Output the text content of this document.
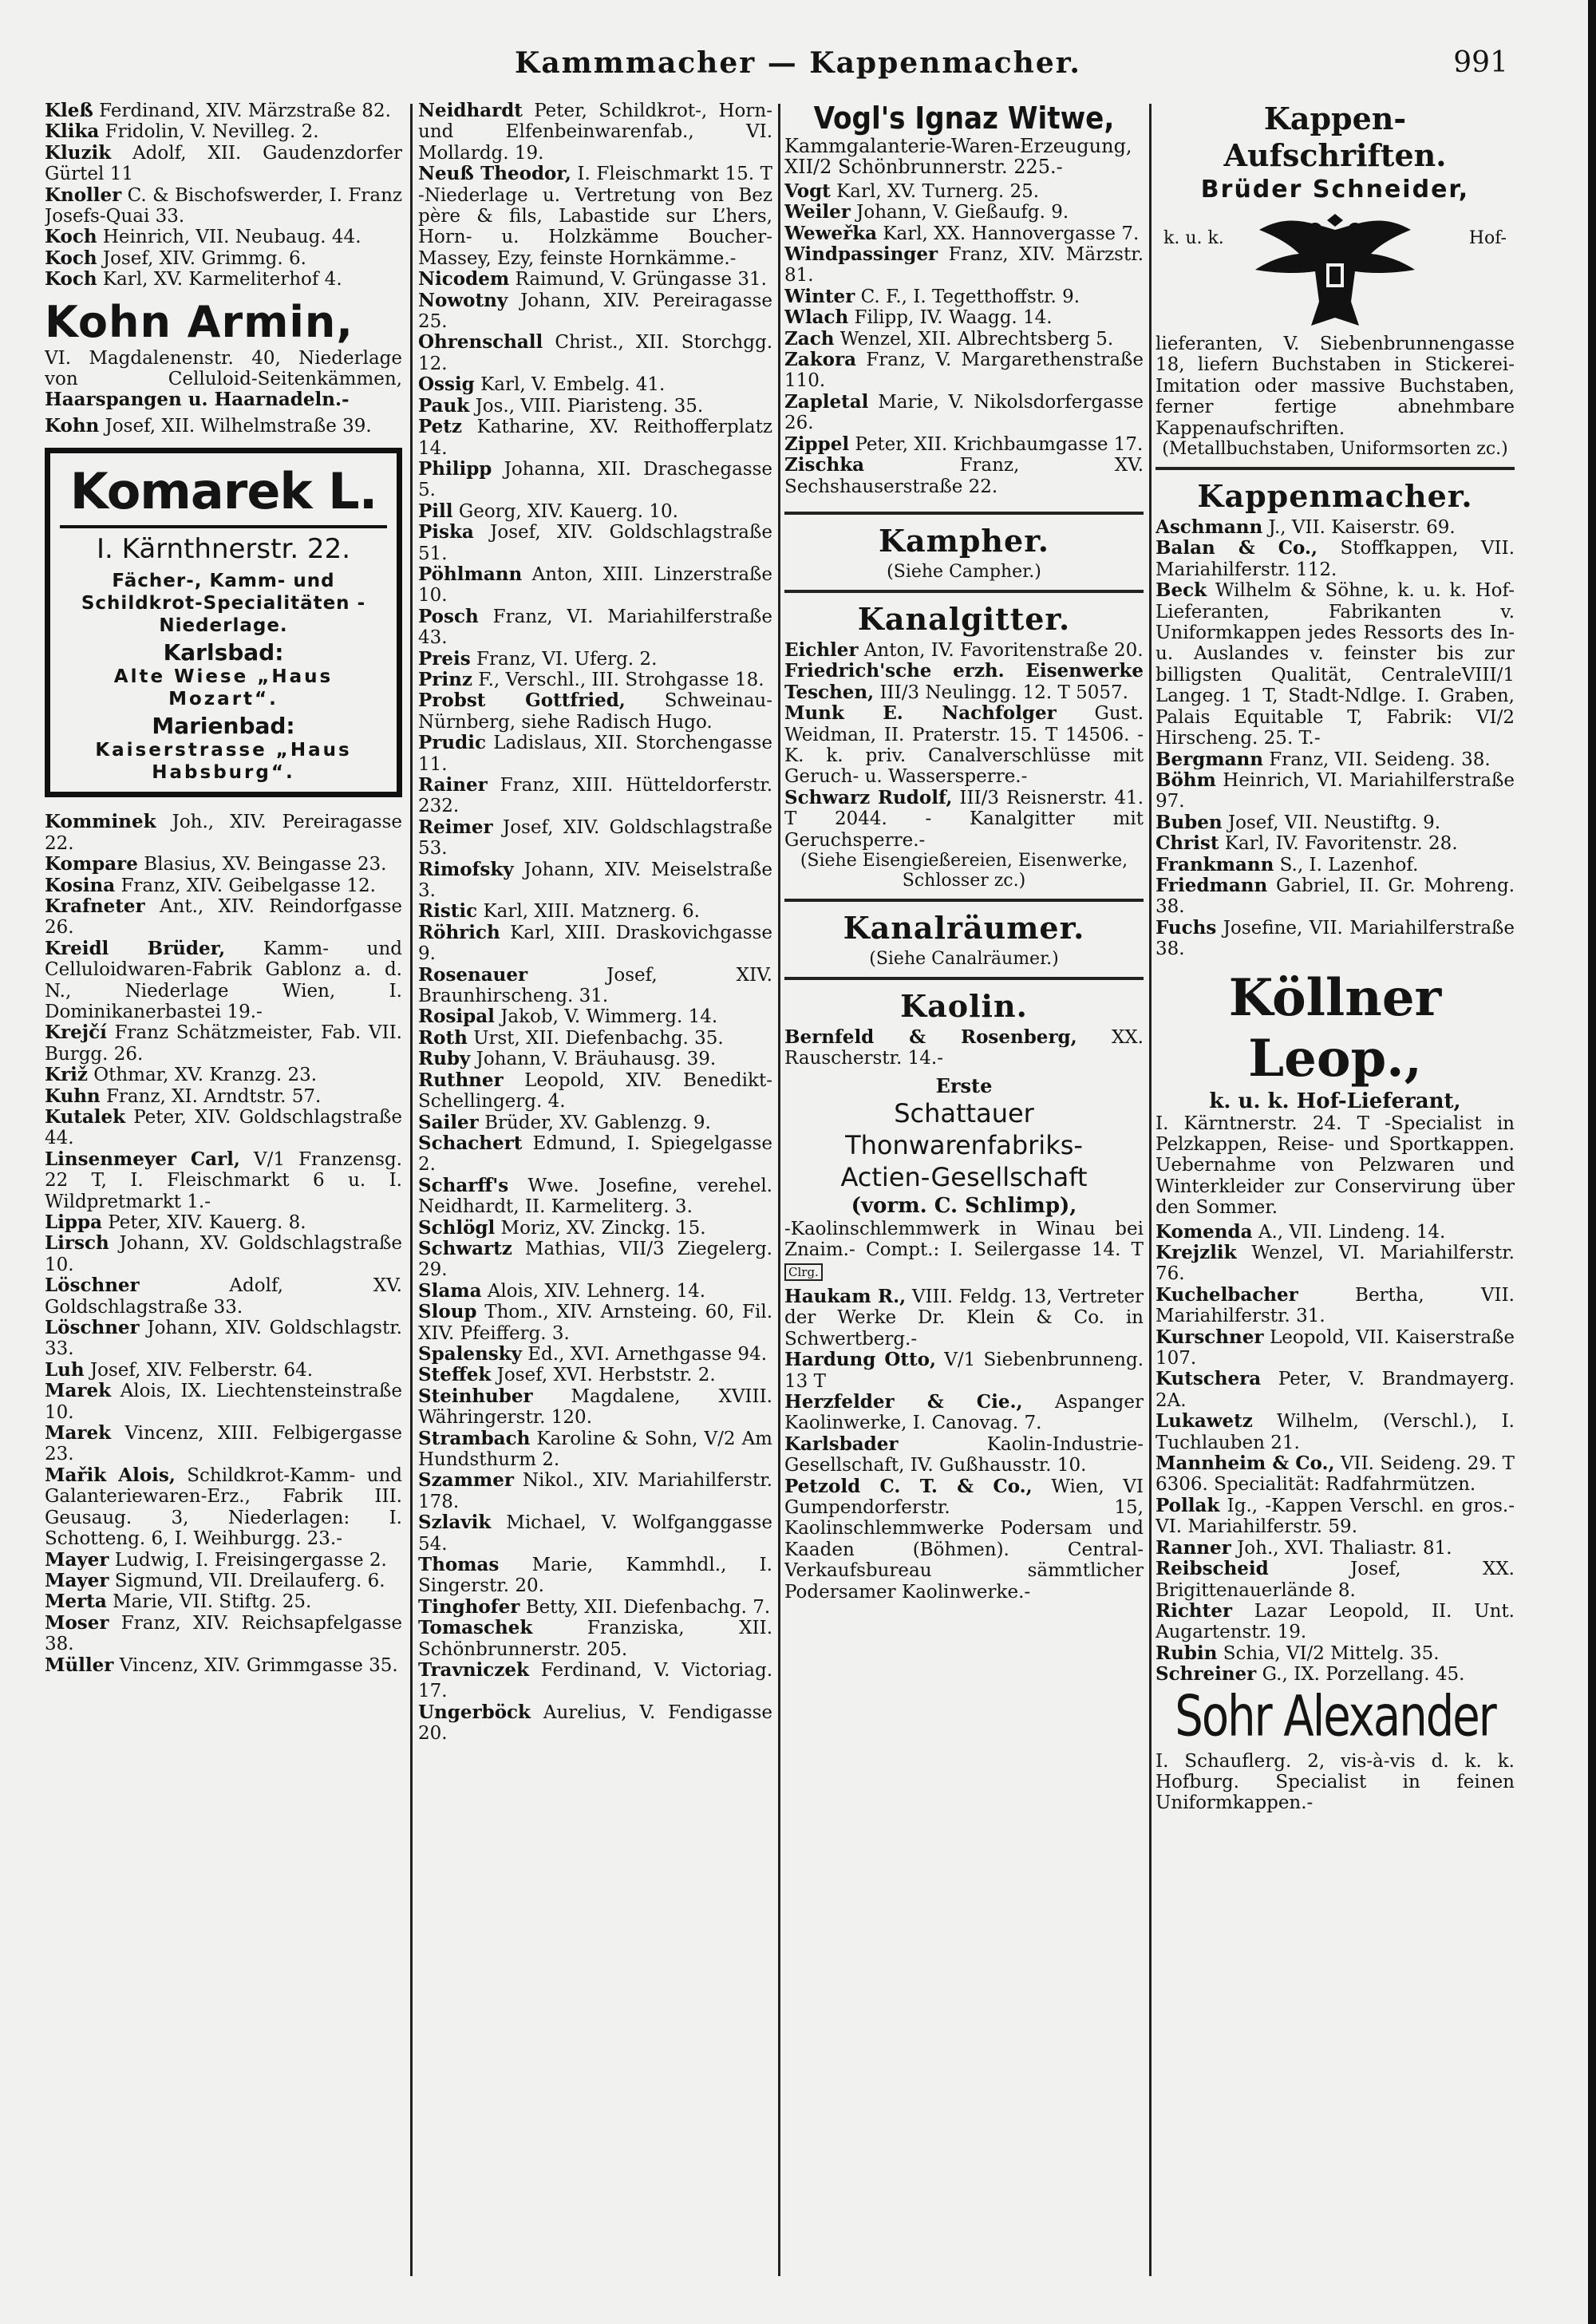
Kammmacher — Kappenmacher.	991

Kleß Ferdinand, XIV. Märzstraße 82.

Klika Fridolin, V. Nevilleg. 2.

Kluzik Adolf, XII. Gaudenzdorfer Gürtel 11

Knoller C. & Bischofswerder, I. Franz Josefs-Quai 33.

Koch Heinrich, VII. Neubaug. 44.

Koch Josef, XIV. Grimmg. 6.

Koch Karl, XV. Karmeliterhof 4.

Kohn Armin,

VI. Magdalenenstr. 40, Niederlage von Celluloid-Seitenkämmen, Haarspangen u. Haarnadeln.-

Kohn Josef, XII. Wilhelmstraße 39.

Komarek L.
I. Kärnthnerstr. 22.
Fächer-, Kamm- und
Schildkrot-Specialitäten - Niederlage.
Karlsbad:
Alte Wiese „Haus Mozart“.
Marienbad:
Kaiserstrasse „Haus Habsburg“.

Komminek Joh., XIV. Pereiragasse 22.

Kompare Blasius, XV. Beingasse 23.

Kosina Franz, XIV. Geibelgasse 12.

Krafneter Ant., XIV. Reindorfgasse 26.

Kreidl Brüder, Kamm- und Celluloidwaren-Fabrik Gablonz a. d. N., Niederlage Wien, I. Dominikanerbastei 19.-

Krejčí Franz Schätzmeister, Fab. VII. Burgg. 26.

Križ Othmar, XV. Kranzg. 23.

Kuhn Franz, XI. Arndtstr. 57.

Kutalek Peter, XIV. Goldschlagstraße 44.

Linsenmeyer Carl, V/1 Franzensg. 22 T, I. Fleischmarkt 6 u. I. Wildpretmarkt 1.-

Lippa Peter, XIV. Kauerg. 8.

Lirsch Johann, XV. Goldschlagstraße 10.

Löschner	Adolf, XV. Goldschlagstraße 33.

Löschner Johann, XIV. Goldschlagstr. 33.

Luh Josef, XIV. Felberstr. 64.

Marek Alois, IX. Liechtensteinstraße 10.

Marek Vincenz, XIII. Felbigergasse 23.

Mařik Alois, Schildkrot-Kamm- und Galanteriewaren-Erz., Fabrik III. Geusaug. 3, Niederlagen: I. Schotteng. 6, I. Weihburgg. 23.-

Mayer Ludwig, I. Freisingergasse 2.

Mayer Sigmund, VII. Dreilauferg. 6.

Merta Marie, VII. Stiftg. 25.

Moser Franz, XIV. Reichsapfelgasse 38.

Müller Vincenz, XIV. Grimmgasse 35.

Neidhardt Peter, Schildkrot-, Horn- und Elfenbeinwarenfab., VI. Mollardg. 19.

Neuß Theodor, I. Fleischmarkt 15. T -Niederlage u. Vertretung von Bez père & fils, Labastide sur L’hers, Horn- u. Holzkämme Boucher-Massey, Ezy, feinste Hornkämme.-

Nicodem Raimund, V. Grüngasse 31.

Nowotny Johann, XIV. Pereiragasse 25.

Ohrenschall Christ., XII. Storchgg. 12.

Ossig Karl, V. Embelg. 41.

Pauk Jos., VIII. Piaristeng. 35.

Petz Katharine, XV. Reithofferplatz 14.

Philipp Johanna, XII. Draschegasse 5.

Pill Georg, XIV. Kauerg. 10.

Piska Josef, XIV. Goldschlagstraße 51.

Pöhlmann Anton, XIII. Linzerstraße 10.

Posch Franz, VI. Mariahilferstraße 43.

Preis Franz, VI. Uferg. 2.

Prinz F., Verschl., III. Strohgasse 18.

Probst Gottfried, Schweinau-Nürnberg, siehe Radisch Hugo.

Prudic Ladislaus, XII. Storchengasse 11.

Rainer Franz, XIII. Hütteldorferstr. 232.

Reimer Josef, XIV. Goldschlagstraße 53.

Rimofsky Johann, XIV. Meiselstraße 3.

Ristic Karl, XIII. Matznerg. 6.

Röhrich Karl, XIII. Draskovichgasse 9.

Rosenauer	Josef, XIV. Braunhirscheng. 31.

Rosipal Jakob, V. Wimmerg. 14.

Roth Urst, XII. Diefenbachg. 35.

Ruby Johann, V. Bräuhausg. 39.

Ruthner Leopold, XIV. Benedikt-Schellingerg. 4.

Sailer Brüder, XV. Gablenzg. 9.

Schachert Edmund, I. Spiegelgasse 2.

Scharff's Wwe. Josefine, verehel. Neidhardt, II. Karmeliterg. 3.

Schlögl Moriz, XV. Zinckg. 15.

Schwartz Mathias, VII/3 Ziegelerg. 29.

Slama Alois, XIV. Lehnerg. 14.

Sloup Thom., XIV. Arnsteing. 60, Fil. XIV. Pfeifferg. 3.

Spalensky Ed., XVI. Arnethgasse 94.

Steffek Josef, XVI. Herbststr. 2.

Steinhuber Magdalene, XVIII. Währingerstr. 120.

Strambach Karoline & Sohn, V/2 Am Hundsthurm 2.

Szammer Nikol., XIV. Mariahilferstr. 178.

Szlavik Michael, V. Wolfganggasse 54.

Thomas Marie, Kammhdl., I. Singerstr. 20.

Tinghofer Betty, XII. Diefenbachg. 7.

Tomaschek	Franziska, XII. Schönbrunnerstr. 205.

Travniczek Ferdinand, V. Victoriag. 17.

Ungerböck Aurelius, V. Fendigasse 20.

Vogl's Ignaz Witwe,

Kammgalanterie-Waren-Erzeugung, XII/2 Schönbrunnerstr. 225.-

Vogt Karl, XV. Turnerg. 25.

Weiler Johann, V. Gießaufg. 9.

Weweřka Karl, XX. Hannovergasse 7.

Windpassinger Franz, XIV. Märzstr. 81.

Winter C. F., I. Tegetthoffstr. 9.

Wlach Filipp, IV. Waagg. 14.

Zach Wenzel, XII. Albrechtsberg 5.

Zakora Franz, V. Margarethenstraße 110.

Zapletal Marie, V. Nikolsdorfergasse 26.

Zippel Peter, XII. Krichbaumgasse 17.

Zischka	Franz, XV. Sechshauserstraße 22.

Kampher.

(Siehe Campher.)

Kanalgitter.

Eichler Anton, IV. Favoritenstraße 20.

Friedrich'sche erzh. Eisenwerke Teschen, III/3 Neulingg. 12. T 5057.

Munk E. Nachfolger Gust. Weidman, II. Praterstr. 15. T 14506. - K. k. priv. Canalverschlüsse mit Geruch- u. Wassersperre.-

Schwarz Rudolf, III/3 Reisnerstr. 41. T 2044. - Kanalgitter mit Geruchsperre.-

(Siehe Eisengießereien, Eisenwerke, Schlosser zc.)

Kanalräumer.

(Siehe Canalräumer.)

Kaolin.

Bernfeld & Rosenberg, XX. Rauscherstr. 14.-

Erste
Schattauer Thonwarenfabriks-
Actien-Gesellschaft
(vorm. C. Schlimp),

-Kaolinschlemmwerk in Winau bei Znaim.- Compt.: I. Seilergasse 14. T Clrg.

Haukam R., VIII. Feldg. 13, Vertreter der Werke Dr. Klein & Co. in Schwertberg.-

Hardung Otto, V/1 Siebenbrunneng. 13 T

Herzfelder & Cie., Aspanger Kaolinwerke, I. Canovag. 7.

Karlsbader	Kaolin-Industrie-Gesellschaft, IV. Gußhausstr. 10.

Petzold C. T. & Co., Wien, VI Gumpendorferstr. 15, Kaolinschlemmwerke Podersam und Kaaden (Böhmen). Central-Verkaufsbureau sämmtlicher Podersamer Kaolinwerke.-

Kappen-Aufschriften.
Brüder Schneider,
k. u. k.	Hof-

lieferanten, V. Siebenbrunnengasse 18, liefern Buchstaben in Stickerei-Imitation oder massive Buchstaben, ferner fertige abnehmbare Kappenaufschriften.

(Metallbuchstaben, Uniformsorten zc.)

Kappenmacher.

Aschmann J., VII. Kaiserstr. 69.

Balan & Co., Stoffkappen, VII. Mariahilferstr. 112.

Beck Wilhelm & Söhne, k. u. k. Hof-Lieferanten, Fabrikanten v. Uniformkappen jedes Ressorts des In- u. Auslandes v. feinster bis zur billigsten Qualität, CentraleVIII/1 Langeg. 1 T, Stadt-Ndlge. I. Graben, Palais Equitable T, Fabrik: VI/2 Hirscheng. 25. T.-

Bergmann Franz, VII. Seideng. 38.

Böhm Heinrich, VI. Mariahilferstraße 97.

Buben Josef, VII. Neustiftg. 9.

Christ Karl, IV. Favoritenstr. 28.

Frankmann S., I. Lazenhof.

Friedmann Gabriel, II. Gr. Mohreng. 38.

Fuchs Josefine, VII. Mariahilferstraße 38.

Köllner Leop.,
k. u. k. Hof-Lieferant,

I. Kärntnerstr. 24. T -Specialist in Pelzkappen, Reise- und Sportkappen. Uebernahme von Pelzwaren und Winterkleider zur Conservirung über den Sommer.

Komenda A., VII. Lindeng. 14.

Krejzlik Wenzel, VI. Mariahilferstr. 76.

Kuchelbacher	Bertha, VII. Mariahilferstr. 31.

Kurschner Leopold, VII. Kaiserstraße 107.

Kutschera Peter, V. Brandmayerg. 2A.

Lukawetz Wilhelm, (Verschl.), I. Tuchlauben 21.

Mannheim & Co., VII. Seideng. 29. T 6306. Specialität: Radfahrmützen.

Pollak Ig., -Kappen Verschl. en gros.- VI. Mariahilferstr. 59.

Ranner Joh., XVI. Thaliastr. 81.

Reibscheid	Josef, XX. Brigittenauerlände 8.

Richter Lazar Leopold, II. Unt. Augartenstr. 19.

Rubin Schia, VI/2 Mittelg. 35.

Schreiner G., IX. Porzellang. 45.

Sohr Alexander

I. Schauflerg. 2, vis-à-vis d. k. k. Hofburg. Specialist in feinen Uniformkappen.-
